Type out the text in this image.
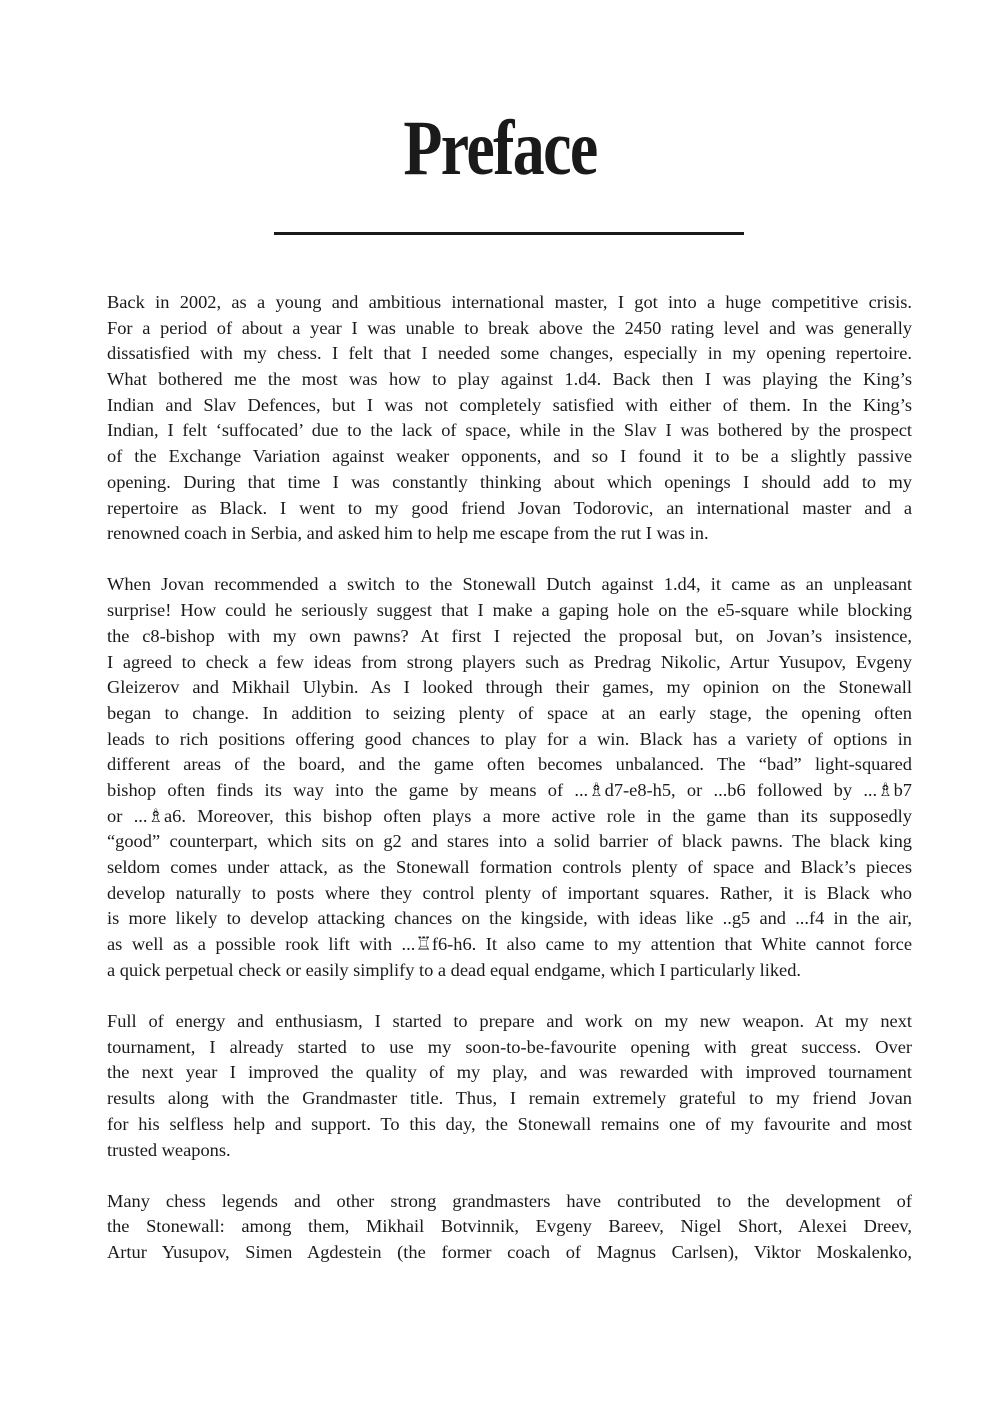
Preface
Back in 2002, as a young and ambitious international master, I got into a huge competitive crisis.
For a period of about a year I was unable to break above the 2450 rating level and was generally
dissatisfied with my chess. I felt that I needed some changes, especially in my opening repertoire.
What bothered me the most was how to play against 1.d4. Back then I was playing the King’s
Indian and Slav Defences, but I was not completely satisfied with either of them. In the King’s
Indian, I felt ‘suffocated’ due to the lack of space, while in the Slav I was bothered by the prospect
of the Exchange Variation against weaker opponents, and so I found it to be a slightly passive
opening. During that time I was constantly thinking about which openings I should add to my
repertoire as Black. I went to my good friend Jovan Todorovic, an international master and a
renowned coach in Serbia, and asked him to help me escape from the rut I was in.
When Jovan recommended a switch to the Stonewall Dutch against 1.d4, it came as an unpleasant
surprise! How could he seriously suggest that I make a gaping hole on the e5-square while blocking
the c8-bishop with my own pawns? At first I rejected the proposal but, on Jovan’s insistence,
I agreed to check a few ideas from strong players such as Predrag Nikolic, Artur Yusupov, Evgeny
Gleizerov and Mikhail Ulybin. As I looked through their games, my opinion on the Stonewall
began to change. In addition to seizing plenty of space at an early stage, the opening often
leads to rich positions offering good chances to play for a win. Black has a variety of options in
different areas of the board, and the game often becomes unbalanced. The “bad” light-squared
bishop often finds its way into the game by means of ...♗d7-e8-h5, or ...b6 followed by ...♗b7
or ...♗a6. Moreover, this bishop often plays a more active role in the game than its supposedly
“good” counterpart, which sits on g2 and stares into a solid barrier of black pawns. The black king
seldom comes under attack, as the Stonewall formation controls plenty of space and Black’s pieces
develop naturally to posts where they control plenty of important squares. Rather, it is Black who
is more likely to develop attacking chances on the kingside, with ideas like ..g5 and ...f4 in the air,
as well as a possible rook lift with ...♖f6-h6. It also came to my attention that White cannot force
a quick perpetual check or easily simplify to a dead equal endgame, which I particularly liked.
Full of energy and enthusiasm, I started to prepare and work on my new weapon. At my next
tournament, I already started to use my soon-to-be-favourite opening with great success. Over
the next year I improved the quality of my play, and was rewarded with improved tournament
results along with the Grandmaster title. Thus, I remain extremely grateful to my friend Jovan
for his selfless help and support. To this day, the Stonewall remains one of my favourite and most
trusted weapons.
Many chess legends and other strong grandmasters have contributed to the development of
the Stonewall: among them, Mikhail Botvinnik, Evgeny Bareev, Nigel Short, Alexei Dreev,
Artur Yusupov, Simen Agdestein (the former coach of Magnus Carlsen), Viktor Moskalenko,
